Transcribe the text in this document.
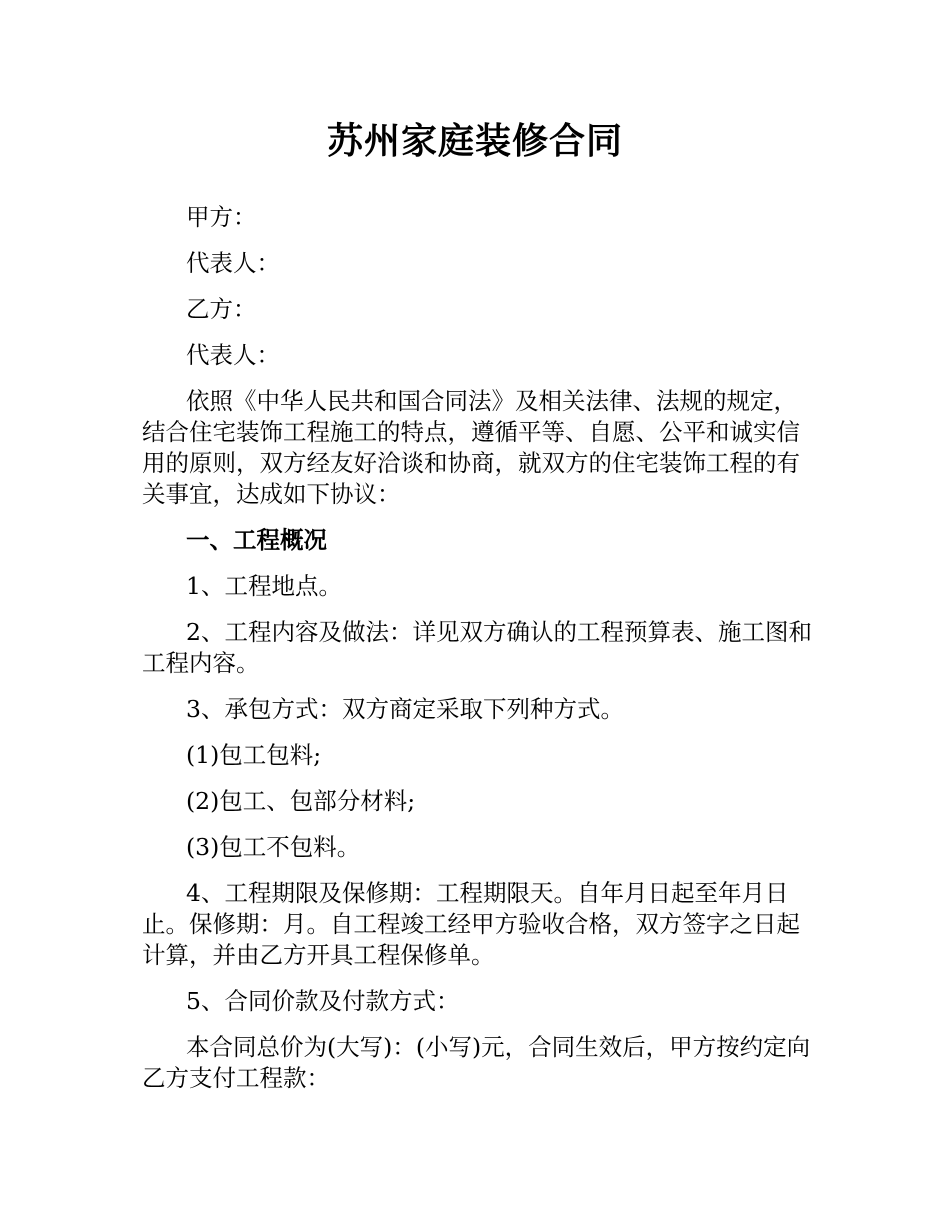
苏州家庭装修合同

甲方：

代表人：

乙方：

代表人：

依照《中华人民共和国合同法》及相关法律、法规的规定，结合住宅装饰工程施工的特点，遵循平等、自愿、公平和诚实信用的原则，双方经友好洽谈和协商，就双方的住宅装饰工程的有关事宜，达成如下协议：

一、工程概况

1、工程地点。

2、工程内容及做法：详见双方确认的工程预算表、施工图和工程内容。

3、承包方式：双方商定采取下列种方式。

(1)包工包料;

(2)包工、包部分材料;

(3)包工不包料。

4、工程期限及保修期：工程期限天。自年月日起至年月日止。保修期：月。自工程竣工经甲方验收合格，双方签字之日起计算，并由乙方开具工程保修单。

5、合同价款及付款方式：

本合同总价为(大写)：(小写)元，合同生效后，甲方按约定向乙方支付工程款：
